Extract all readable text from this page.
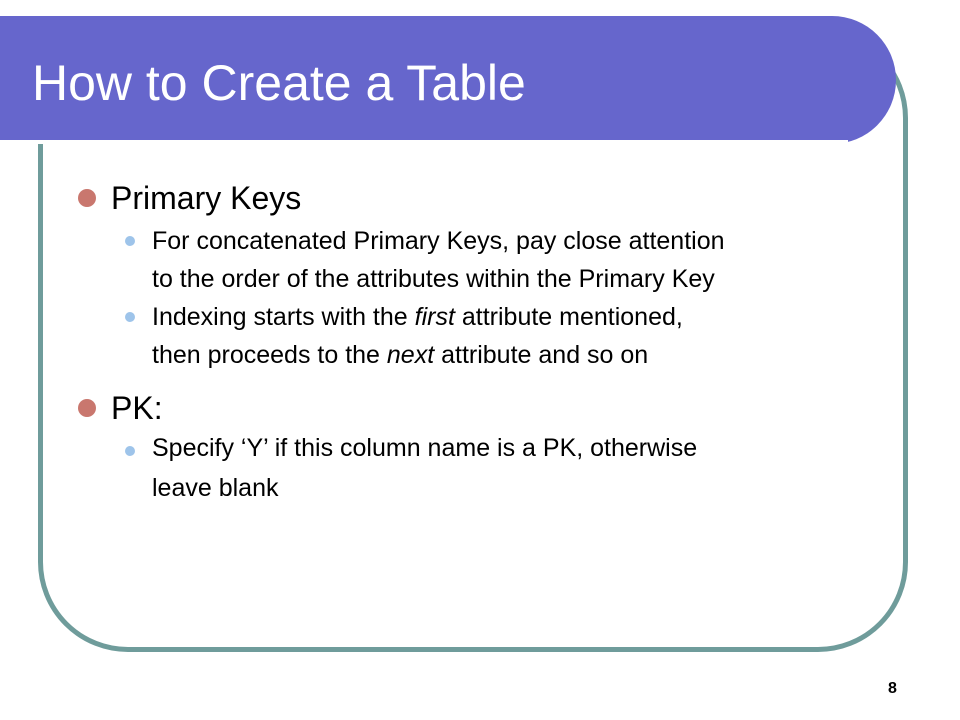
How to Create a Table
Primary Keys
For concatenated Primary Keys, pay close attention
to the order of the attributes within the Primary Key
Indexing starts with the first attribute mentioned,
then proceeds to the next attribute and so on
PK:
Specify ‘Y’ if this column name is a PK, otherwise
leave blank
8
